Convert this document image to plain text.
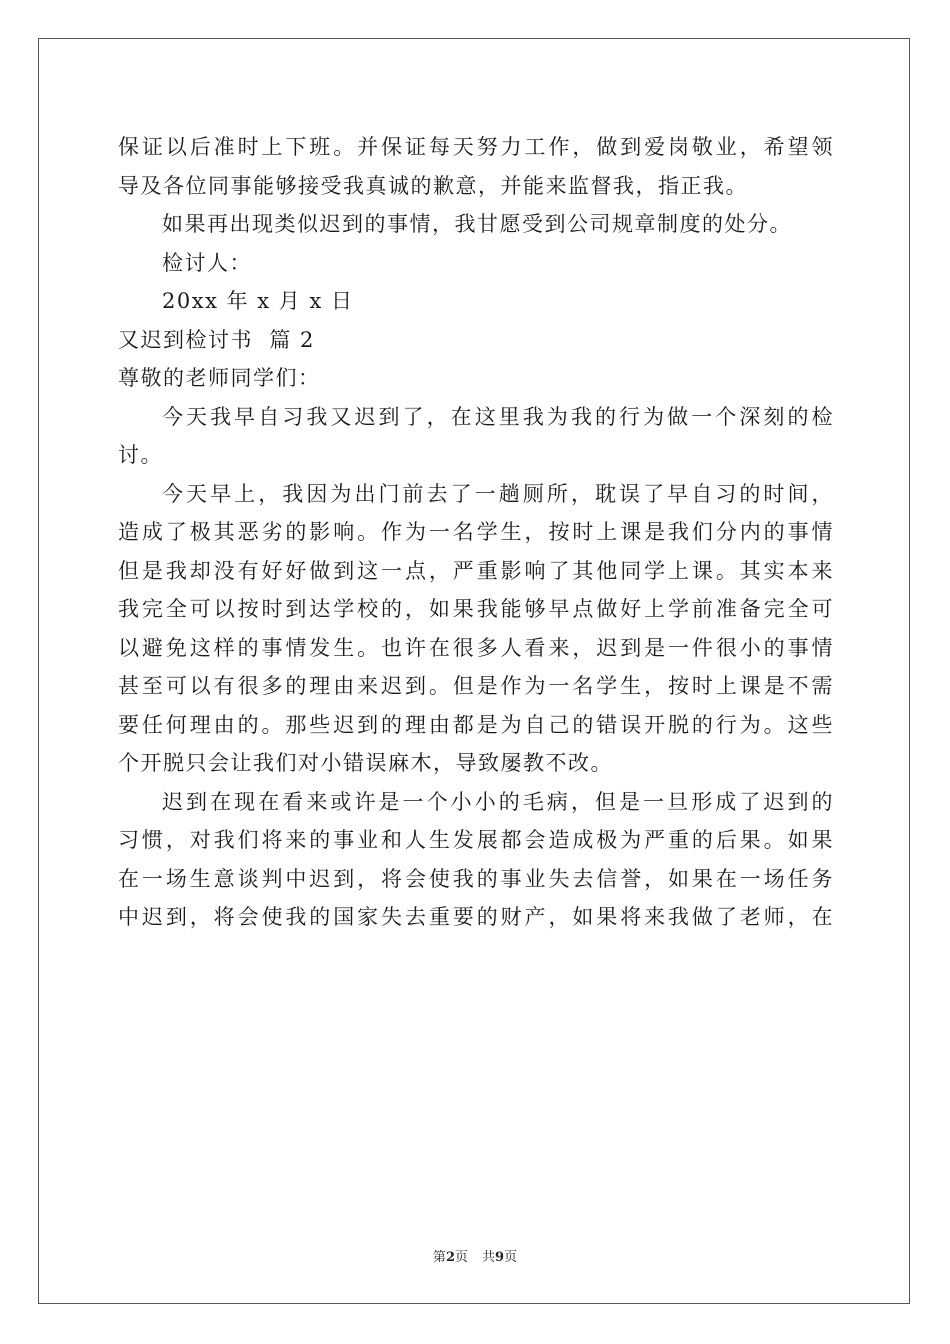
保证以后准时上下班。并保证每天努力工作，做到爱岗敬业，希望领
导及各位同事能够接受我真诚的歉意，并能来监督我，指正我。
如果再出现类似迟到的事情，我甘愿受到公司规章制度的处分。
检讨人：
20xx 年 x 月 x 日
又迟到检讨书  篇 2
尊敬的老师同学们：
今天我早自习我又迟到了，在这里我为我的行为做一个深刻的检
讨。
今天早上，我因为出门前去了一趟厕所，耽误了早自习的时间，
造成了极其恶劣的影响。作为一名学生，按时上课是我们分内的事情
但是我却没有好好做到这一点，严重影响了其他同学上课。其实本来
我完全可以按时到达学校的，如果我能够早点做好上学前准备完全可
以避免这样的事情发生。也许在很多人看来，迟到是一件很小的事情
甚至可以有很多的理由来迟到。但是作为一名学生，按时上课是不需
要任何理由的。那些迟到的理由都是为自己的错误开脱的行为。这些
个开脱只会让我们对小错误麻木，导致屡教不改。
迟到在现在看来或许是一个小小的毛病，但是一旦形成了迟到的
习惯，对我们将来的事业和人生发展都会造成极为严重的后果。如果
在一场生意谈判中迟到，将会使我的事业失去信誉，如果在一场任务
中迟到，将会使我的国家失去重要的财产，如果将来我做了老师，在
第2页 共9页
